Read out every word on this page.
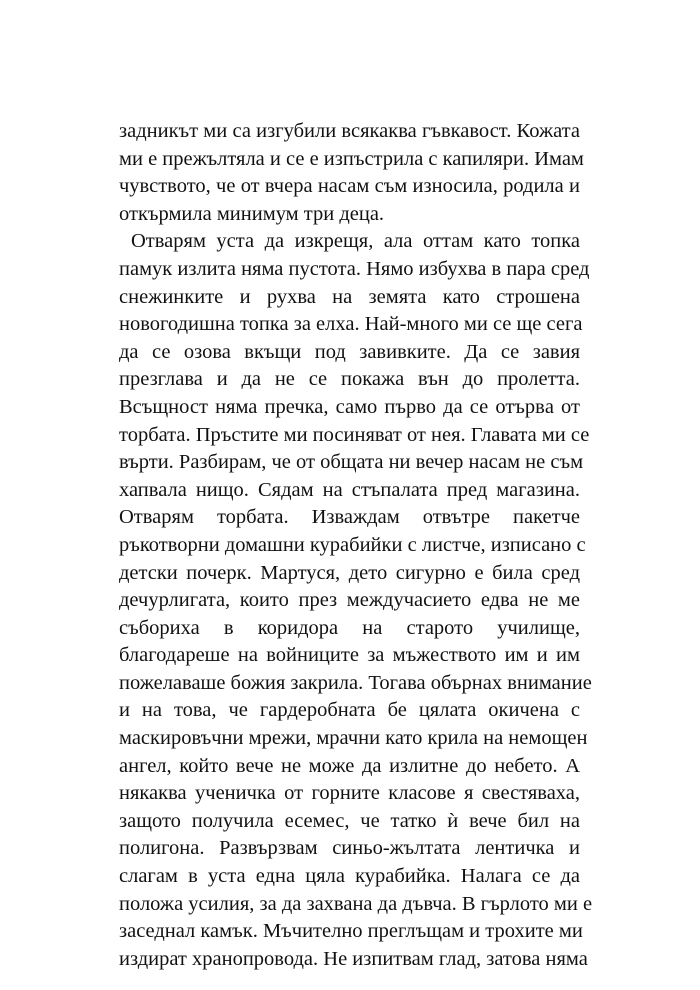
задникът ми са изгубили всякаква гъвкавост. Кожата
ми е прежълтяла и се е изпъстрила с капиляри. Имам
чувството, че от вчера насам съм износила, родила и
откърмила минимум три деца.
Отварям уста да изкрещя, ала оттам като топка
памук излита няма пустота. Нямо избухва в пара сред
снежинките и рухва на земята като строшена
новогодишна топка за елха. Най-много ми се ще сега
да се озова вкъщи под завивките. Да се завия
презглава и да не се покажа вън до пролетта.
Всъщност няма пречка, само първо да се отървa от
торбата. Пръстите ми посиняват от нея. Главата ми се
върти. Разбирам, че от общата ни вечер насам не съм
хапвала нищо. Сядам на стъпалата пред магазина.
Отварям торбата. Изваждам отвътре пакетче
ръкотворни домашни курабийки с листче, изписано с
детски почерк. Мартуся, дето сигурно е била сред
дечурлигата, които през междучасието едва не ме
събориха в коридора на старото училище,
благодареше на войниците за мъжеството им и им
пожелаваше божия закрила. Тогава обърнах внимание
и на това, че гардеробната бе цялата окичена с
маскировъчни мрежи, мрачни като крила на немощен
ангел, който вече не може да излитне до небето. А
някаква ученичка от горните класове я свестяваха,
защото получила есемес, че татко ѝ вече бил на
полигона. Развързвам синьо-жълтата лентичка и
слагам в уста една цяла курабийка. Налага се да
положа усилия, за да захвана да дъвча. В гърлото ми е
заседнал камък. Мъчително преглъщам и трохите ми
издират хранопровода. Не изпитвам глад, затова няма
